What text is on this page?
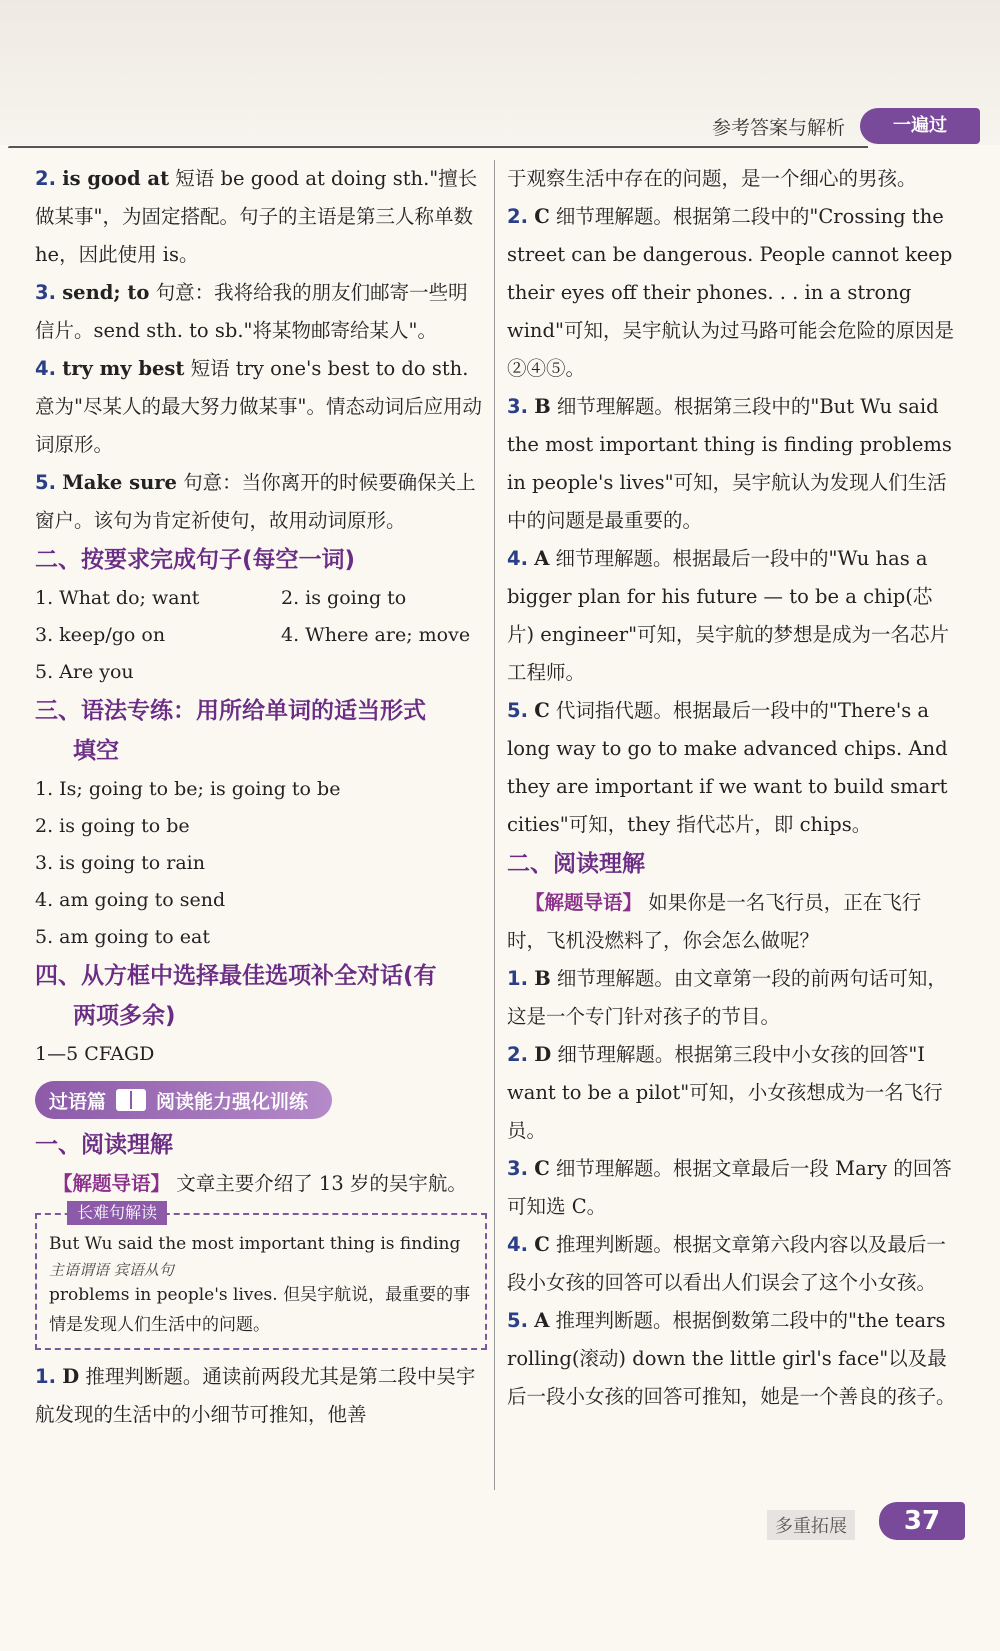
参考答案与解析	一遍过

2. is good at 短语 be good at doing sth."擅长做某事"，为固定搭配。句子的主语是第三人称单数 he，因此使用 is。

3. send; to 句意：我将给我的朋友们邮寄一些明信片。send sth. to sb."将某物邮寄给某人"。

4. try my best 短语 try one's best to do sth.意为"尽某人的最大努力做某事"。情态动词后应用动词原形。

5. Make sure 句意：当你离开的时候要确保关上窗户。该句为肯定祈使句，故用动词原形。

二、按要求完成句子(每空一词)

1. What do; want	2. is going to
3. keep/go on	4. Where are; move
5. Are you

三、语法专练：用所给单词的适当形式

填空

1. Is; going to be; is going to be
2. is going to be
3. is going to rain
4. am going to send
5. am going to eat

四、从方框中选择最佳选项补全对话(有

两项多余)

1—5 CFAGD
过语篇	阅读能力强化训练

一、阅读理解

【解题导语】 文章主要介绍了 13 岁的吴宇航。

长难句解读
But Wu said the most important thing is finding
主语谓语 宾语从句
problems in people's lives. 但吴宇航说，最重要的事情是发现人们生活中的问题。

1. D 推理判断题。通读前两段尤其是第二段中吴宇航发现的生活中的小细节可推知，他善

于观察生活中存在的问题，是一个细心的男孩。

2. C 细节理解题。根据第二段中的"Crossing the street can be dangerous. People cannot keep their eyes off their phones. . . in a strong wind"可知，吴宇航认为过马路可能会危险的原因是②④⑤。

3. B 细节理解题。根据第三段中的"But Wu said the most important thing is finding problems in people's lives"可知，吴宇航认为发现人们生活中的问题是最重要的。

4. A 细节理解题。根据最后一段中的"Wu has a bigger plan for his future — to be a chip(芯片) engineer"可知，吴宇航的梦想是成为一名芯片工程师。

5. C 代词指代题。根据最后一段中的"There's a long way to go to make advanced chips. And they are important if we want to build smart cities"可知，they 指代芯片，即 chips。

二、阅读理解

【解题导语】 如果你是一名飞行员，正在飞行时，飞机没燃料了，你会怎么做呢？

1. B 细节理解题。由文章第一段的前两句话可知，这是一个专门针对孩子的节目。

2. D 细节理解题。根据第三段中小女孩的回答"I want to be a pilot"可知，小女孩想成为一名飞行员。

3. C 细节理解题。根据文章最后一段 Mary 的回答可知选 C。

4. C 推理判断题。根据文章第六段内容以及最后一段小女孩的回答可以看出人们误会了这个小女孩。

5. A 推理判断题。根据倒数第二段中的"the tears rolling(滚动) down the little girl's face"以及最后一段小女孩的回答可推知，她是一个善良的孩子。

多重拓展	37
